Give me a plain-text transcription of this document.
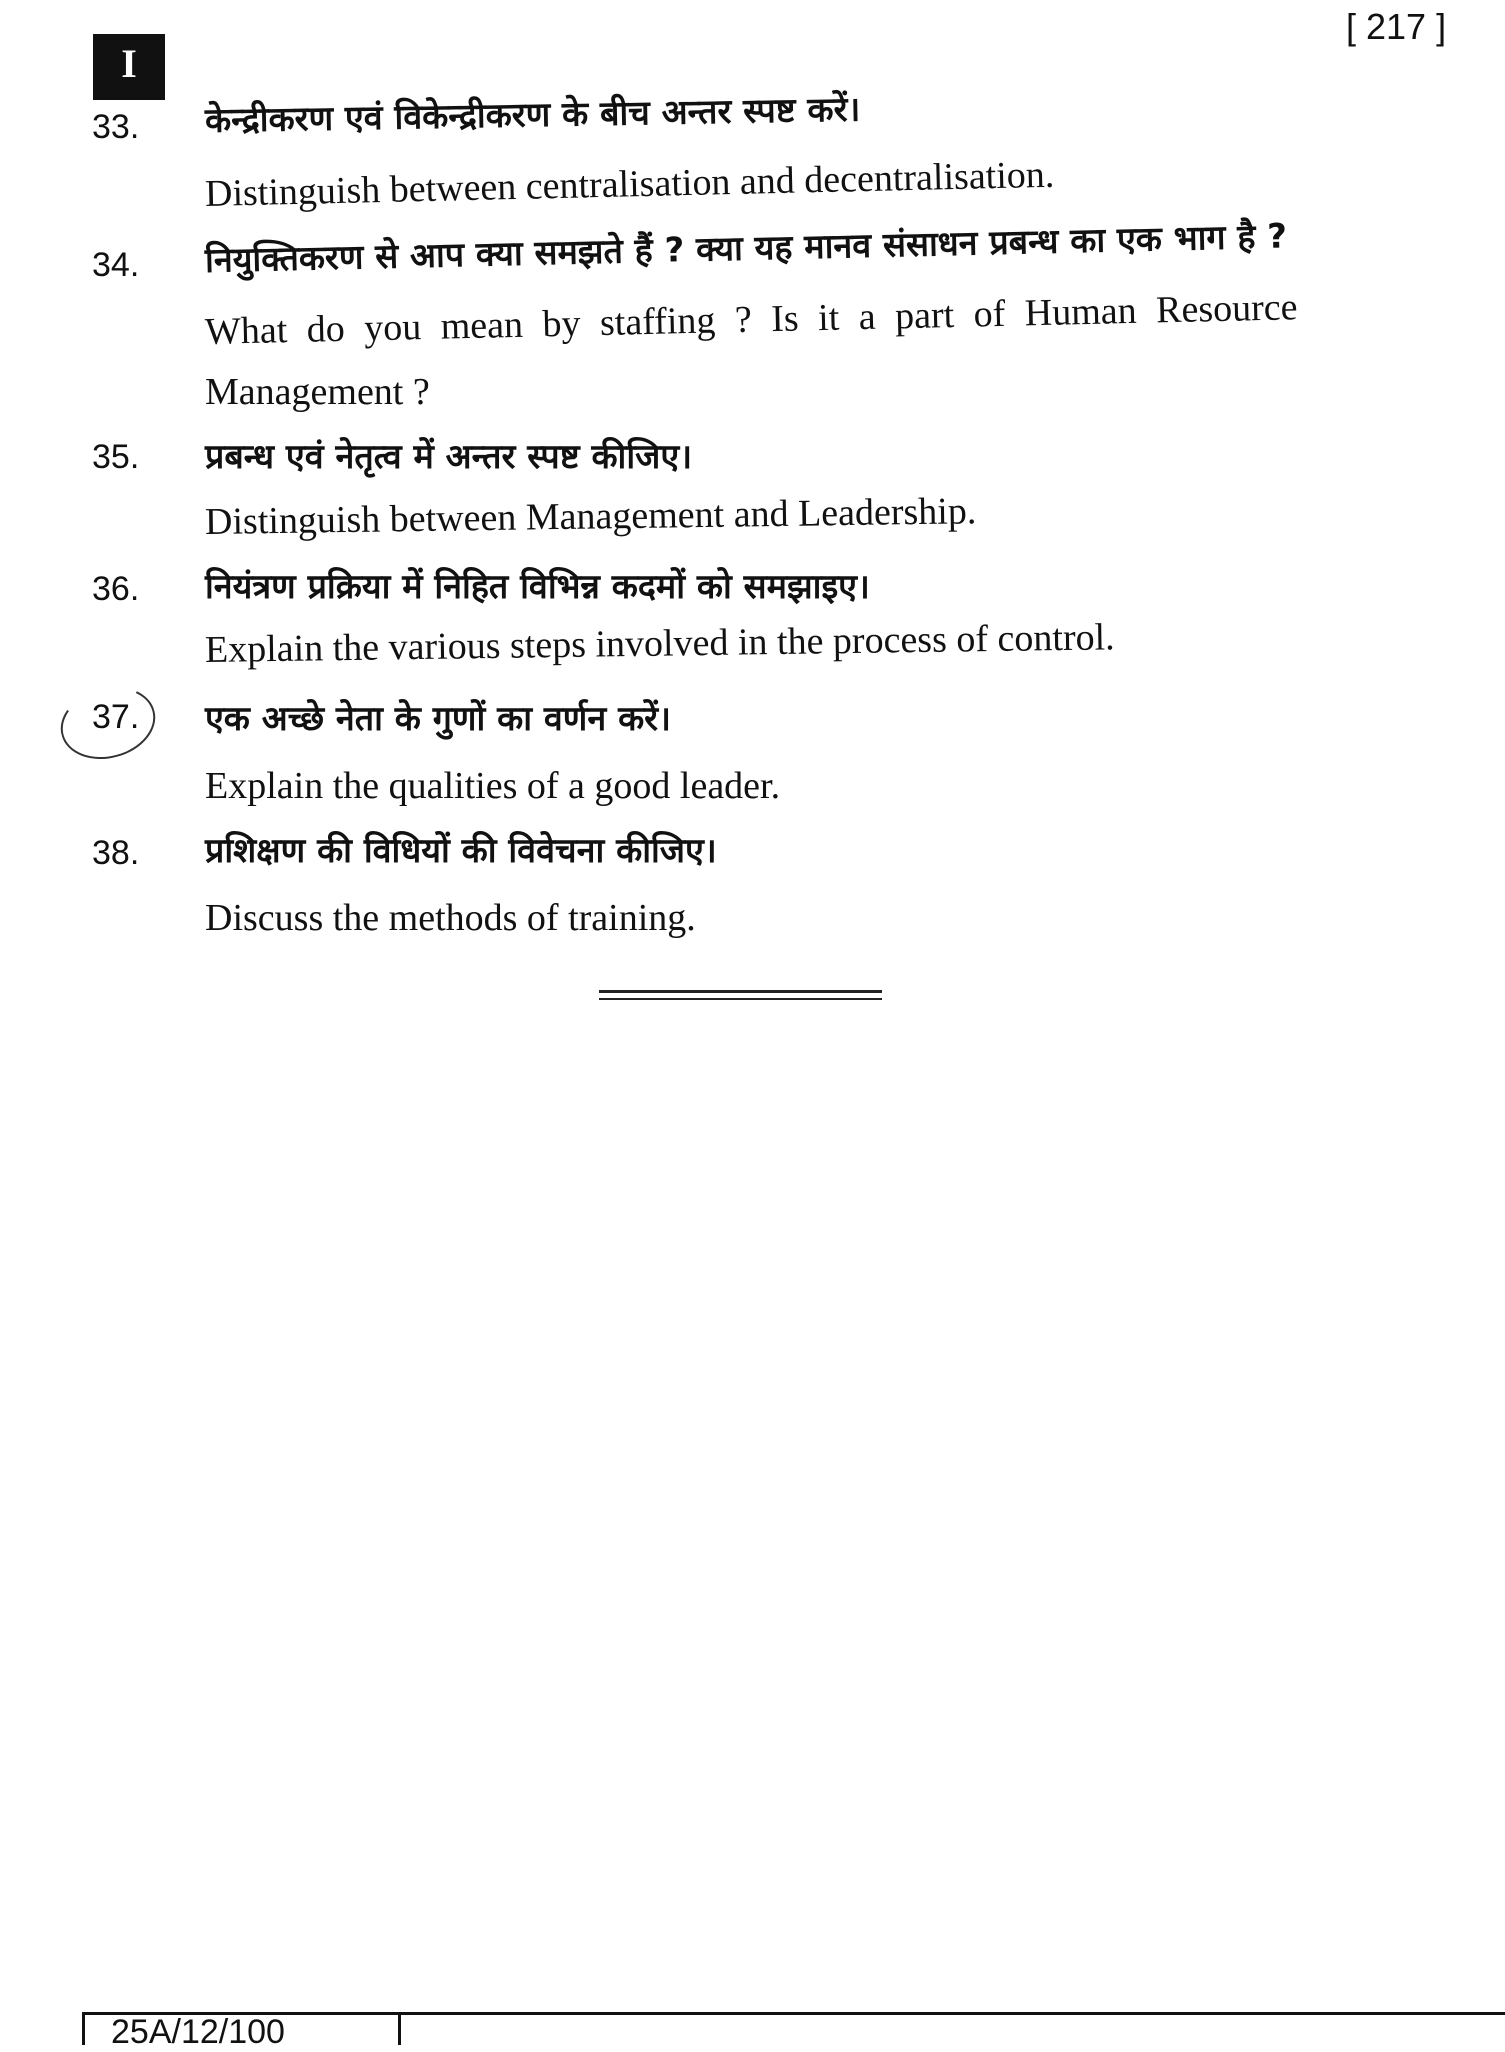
[ 217 ]
I
33. केन्द्रीकरण एवं विकेन्द्रीकरण के बीच अन्तर स्पष्ट करें।
Distinguish between centralisation and decentralisation.
34. नियुक्तिकरण से आप क्या समझते हैं ? क्या यह मानव संसाधन प्रबन्ध का एक भाग है ?
What do you mean by staffing ? Is it a part of Human Resource
Management ?
35. प्रबन्ध एवं नेतृत्व में अन्तर स्पष्ट कीजिए।
Distinguish between Management and Leadership.
36. नियंत्रण प्रक्रिया में निहित विभिन्न कदमों को समझाइए।
Explain the various steps involved in the process of control.
37. एक अच्छे नेता के गुणों का वर्णन करें।
Explain the qualities of a good leader.
38. प्रशिक्षण की विधियों की विवेचना कीजिए।
Discuss the methods of training.
25A/12/100
